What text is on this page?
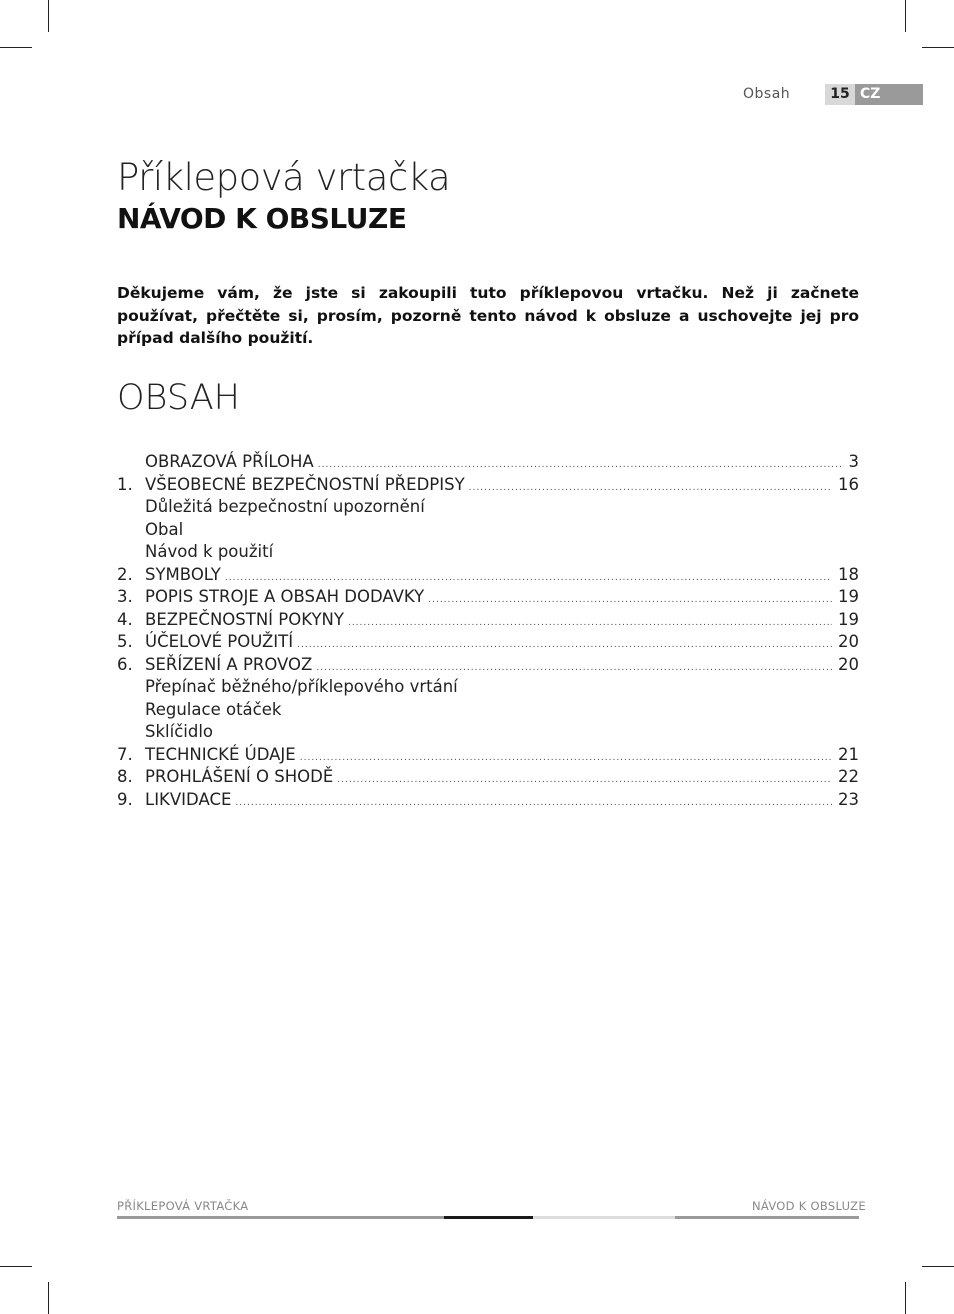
Obsah	15 CZ
Příklepová vrtačka
NÁVOD K OBSLUZE
Děkujeme vám, že jste si zakoupili tuto příklepovou vrtačku. Než ji začnete používat, přečtěte si, prosím, pozorně tento návod k obsluze a uschovejte jej pro případ dalšího použití.
OBSAH
OBRAZOVÁ PŘÍLOHA .....	3
1. VŠEOBECNÉ BEZPEČNOSTNÍ PŘEDPISY .....	16
Důležitá bezpečnostní upozornění
Obal
Návod k použití
2. SYMBOLY .....	18
3. POPIS STROJE A OBSAH DODAVKY .....	19
4. BEZPEČNOSTNÍ POKYNY .....	19
5. ÚČELOVÉ POUŽITÍ .....	20
6. SEŘÍZENÍ A PROVOZ .....	20
Přepínač běžného/příklepového vrtání
Regulace otáček
Sklíčidlo
7. TECHNICKÉ ÚDAJE .....	21
8. PROHLÁŠENÍ O SHODĚ .....	22
9. LIKVIDACE .....	23
PŘÍKLEPOVÁ VRTAČKA	NÁVOD K OBSLUZE
